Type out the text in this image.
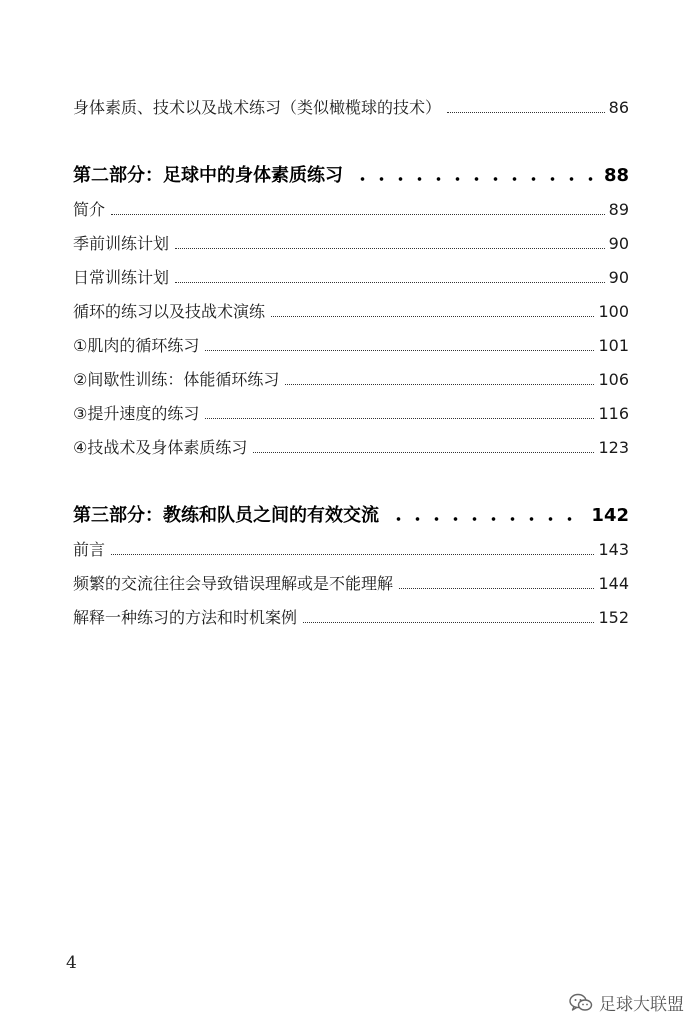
身体素质、技术以及战术练习（类似橄榄球的技术）	86
第二部分：足球中的身体素质练习	88
简介	89
季前训练计划	90
日常训练计划	90
循环的练习以及技战术演练	100
①肌肉的循环练习	101
②间歇性训练：体能循环练习	106
③提升速度的练习	116
④技战术及身体素质练习	123
第三部分：教练和队员之间的有效交流	142
前言	143
频繁的交流往往会导致错误理解或是不能理解	144
解释一种练习的方法和时机案例	152
4
足球大联盟
